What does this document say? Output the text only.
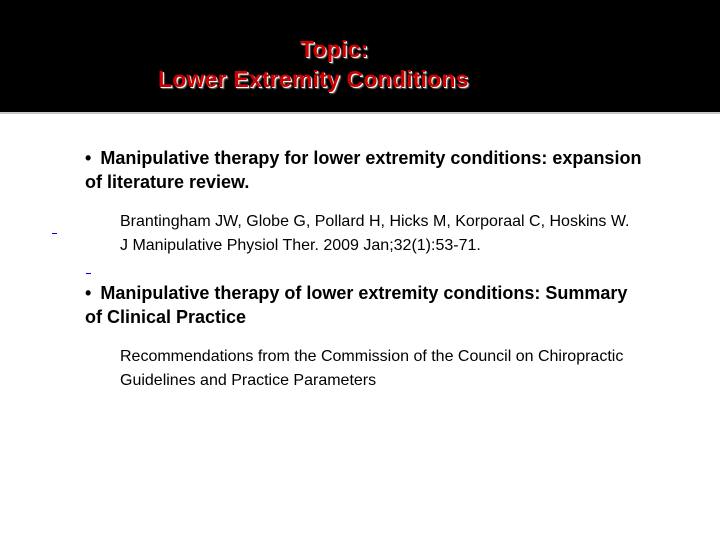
Topic:
Lower Extremity Conditions
• Manipulative therapy for lower extremity conditions: expansion of literature review.
Brantingham JW, Globe G, Pollard H, Hicks M, Korporaal C, Hoskins W. J Manipulative Physiol Ther. 2009 Jan;32(1):53-71.
• Manipulative therapy of lower extremity conditions: Summary of Clinical Practice
Recommendations from the Commission of the Council on Chiropractic Guidelines and Practice Parameters
